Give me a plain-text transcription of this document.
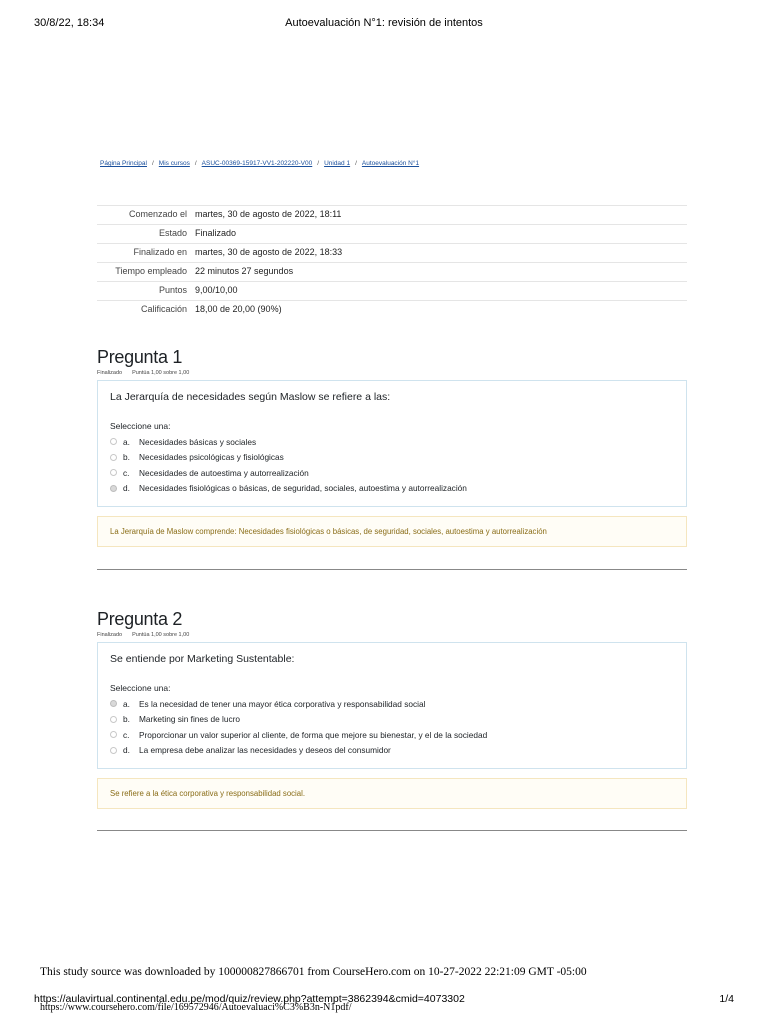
30/8/22, 18:34	Autoevaluación N°1: revisión de intentos
Página Principal / Mis cursos / ASUC-00369-15917-VV1-202220-V00 / Unidad 1 / Autoevaluación N°1
Comenzado el	martes, 30 de agosto de 2022, 18:11
Estado	Finalizado
Finalizado en	martes, 30 de agosto de 2022, 18:33
Tiempo empleado	22 minutos 27 segundos
Puntos	9,00/10,00
Calificación	18,00 de 20,00 (90%)
Pregunta 1
Finalizado Puntúa 1,00 sobre 1,00
La Jerarquía de necesidades según Maslow se refiere a las:
Seleccione una:
a.	Necesidades básicas y sociales
b.	Necesidades psicológicas y fisiológicas
c.	Necesidades de autoestima y autorrealización
d.	Necesidades fisiológicas o básicas, de seguridad, sociales, autoestima y autorrealización
La Jerarquía de Maslow comprende: Necesidades fisiológicas o básicas, de seguridad, sociales, autoestima y autorrealización
Pregunta 2
Finalizado Puntúa 1,00 sobre 1,00
Se entiende por Marketing Sustentable:
Seleccione una:
a.	Es la necesidad de tener una mayor ética corporativa y responsabilidad social
b.	Marketing sin fines de lucro
c.	Proporcionar un valor superior al cliente, de forma que mejore su bienestar, y el de la sociedad
d.	La empresa debe analizar las necesidades y deseos del consumidor
Se refiere a la ética corporativa y responsabilidad social.
This study source was downloaded by 100000827866701 from CourseHero.com on 10-27-2022 22:21:09 GMT -05:00
https://aulavirtual.continental.edu.pe/mod/quiz/review.php?attempt=3862394&cmid=4073302	1/4
https://www.coursehero.com/file/169572946/Autoevaluaci%C3%B3n-N1pdf/
